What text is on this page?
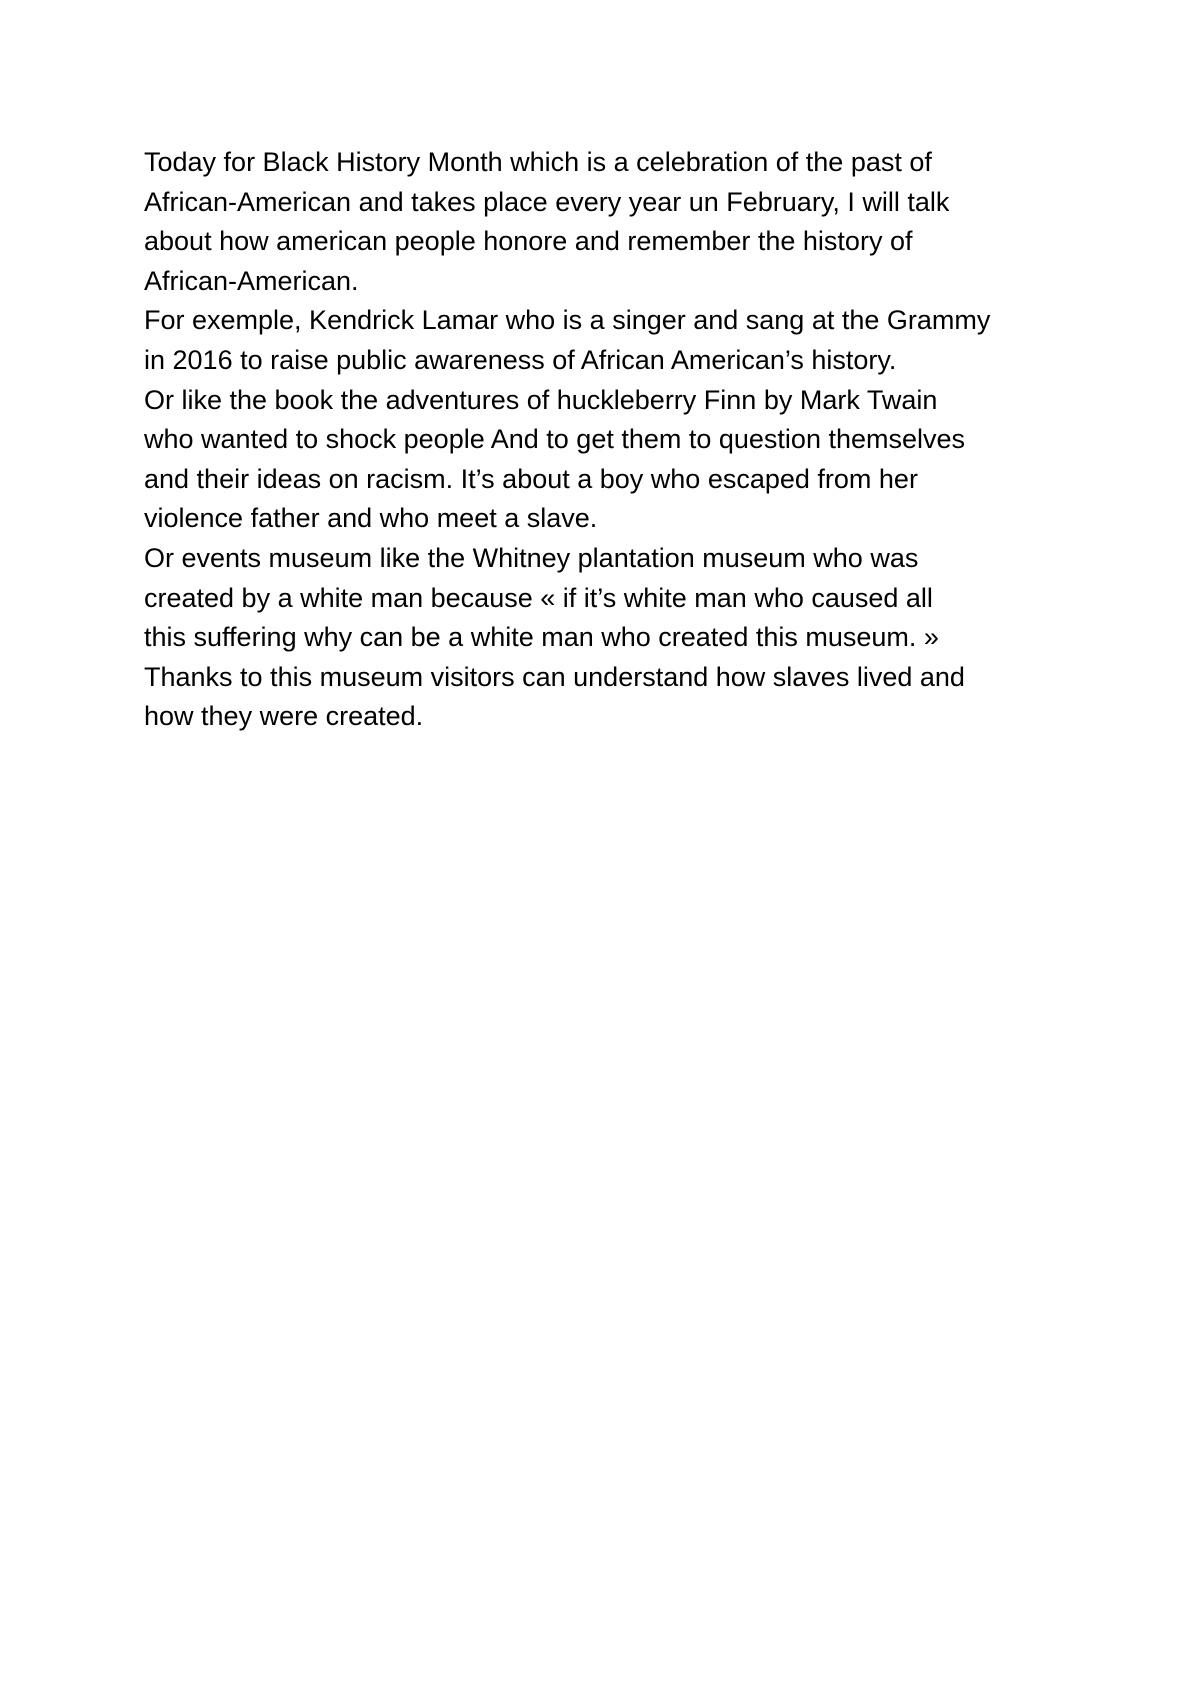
Today for Black History Month which is a celebration of the past of
African-American and takes place every year un February, I will talk
about how american people honore and remember the history of
African-American.
For exemple, Kendrick Lamar who is a singer and sang at the Grammy
in 2016 to raise public awareness of African American’s history.
Or like the book the adventures of huckleberry Finn by Mark Twain
who wanted to shock people And to get them to question themselves
and their ideas on racism. It’s about a boy who escaped from her
violence father and who meet a slave.
Or events museum like the Whitney plantation museum who was
created by a white man because « if it’s white man who caused all
this suffering why can be a white man who created this museum. »
Thanks to this museum visitors can understand how slaves lived and
how they were created.
